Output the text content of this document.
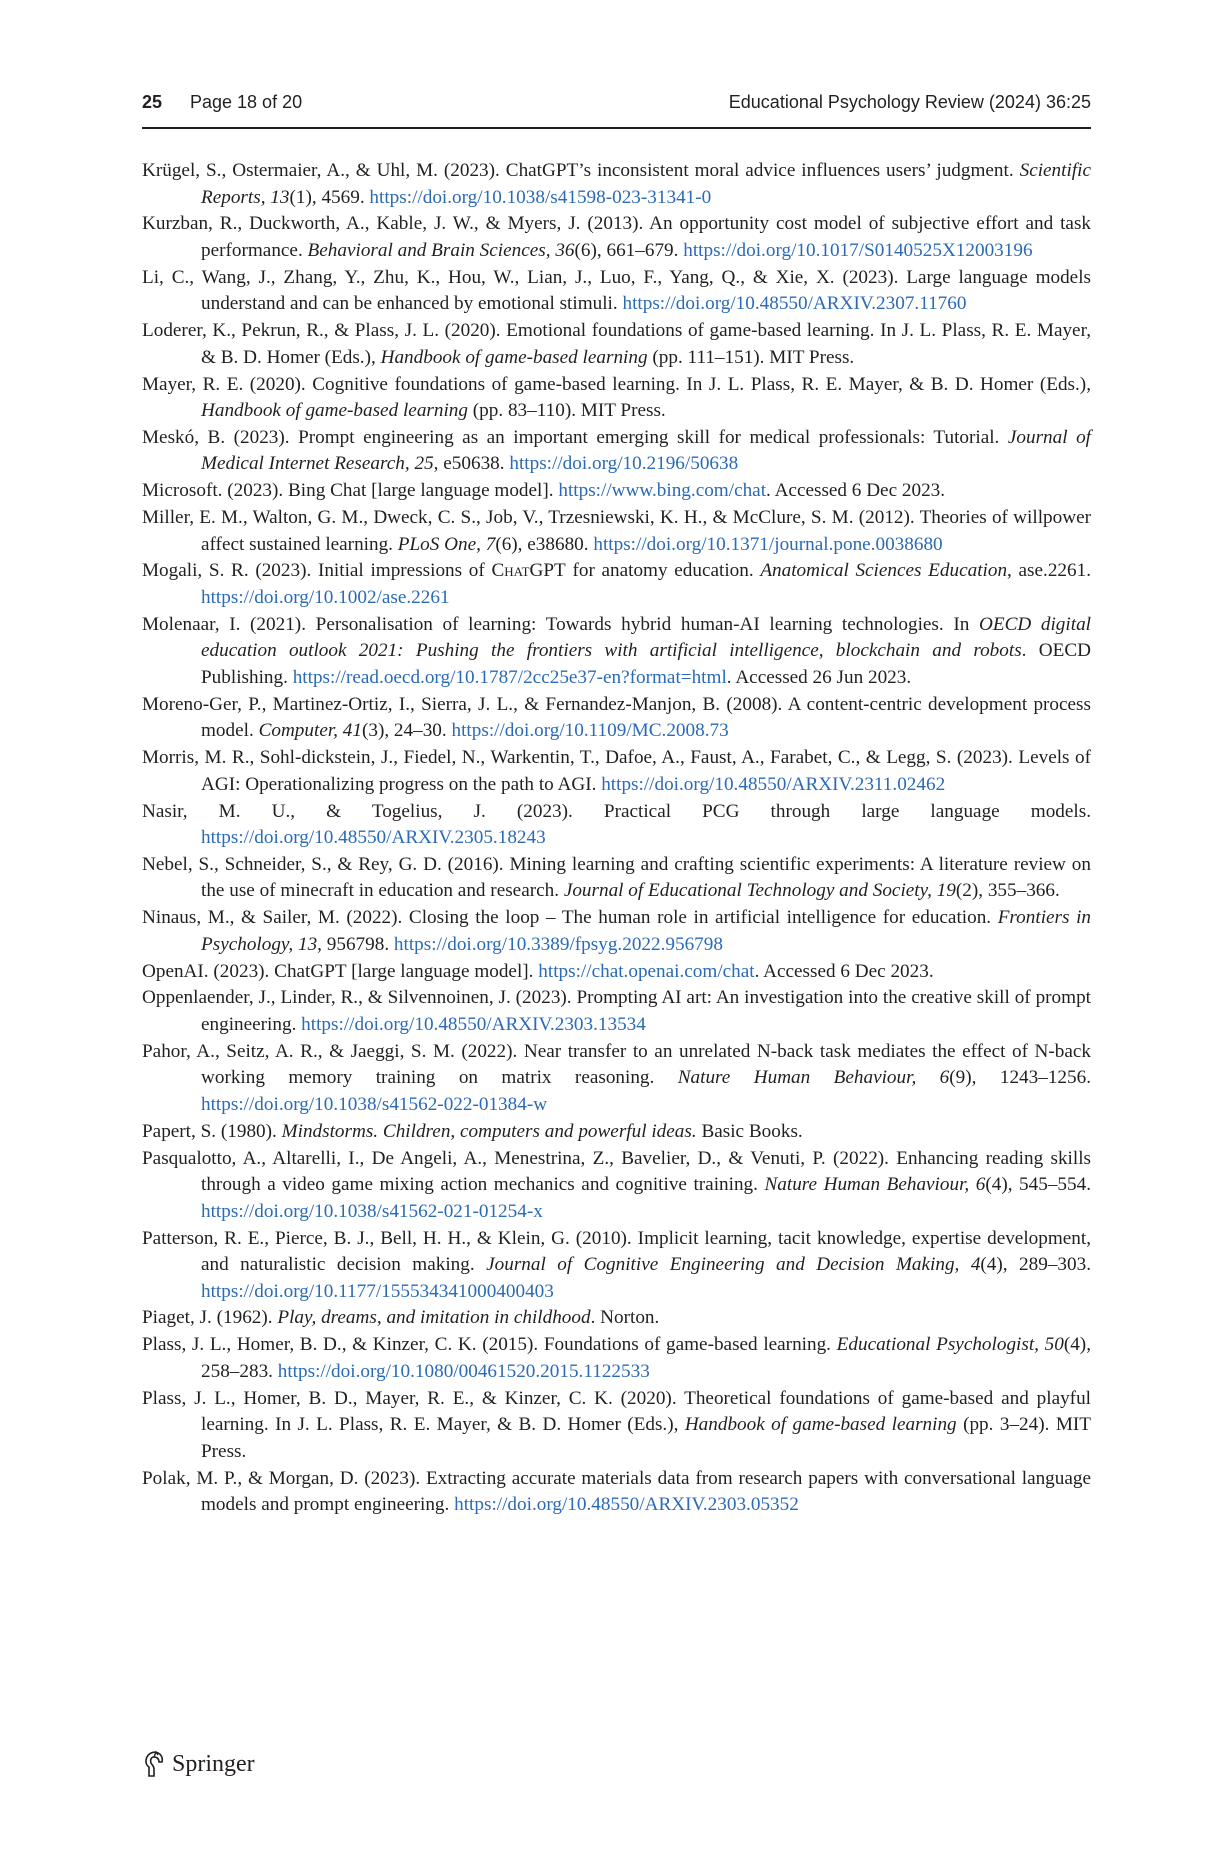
25 Page 18 of 20	Educational Psychology Review (2024) 36:25
Krügel, S., Ostermaier, A., & Uhl, M. (2023). ChatGPT’s inconsistent moral advice influences users’ judgment. Scientific Reports, 13(1), 4569. https://doi.org/10.1038/s41598-023-31341-0
Kurzban, R., Duckworth, A., Kable, J. W., & Myers, J. (2013). An opportunity cost model of subjective effort and task performance. Behavioral and Brain Sciences, 36(6), 661–679. https://doi.org/10.1017/S0140525X12003196
Li, C., Wang, J., Zhang, Y., Zhu, K., Hou, W., Lian, J., Luo, F., Yang, Q., & Xie, X. (2023). Large language models understand and can be enhanced by emotional stimuli. https://doi.org/10.48550/ARXIV.2307.11760
Loderer, K., Pekrun, R., & Plass, J. L. (2020). Emotional foundations of game-based learning. In J. L. Plass, R. E. Mayer, & B. D. Homer (Eds.), Handbook of game-based learning (pp. 111–151). MIT Press.
Mayer, R. E. (2020). Cognitive foundations of game-based learning. In J. L. Plass, R. E. Mayer, & B. D. Homer (Eds.), Handbook of game-based learning (pp. 83–110). MIT Press.
Meskó, B. (2023). Prompt engineering as an important emerging skill for medical professionals: Tutorial. Journal of Medical Internet Research, 25, e50638. https://doi.org/10.2196/50638
Microsoft. (2023). Bing Chat [large language model]. https://www.bing.com/chat. Accessed 6 Dec 2023.
Miller, E. M., Walton, G. M., Dweck, C. S., Job, V., Trzesniewski, K. H., & McClure, S. M. (2012). Theories of willpower affect sustained learning. PLoS One, 7(6), e38680. https://doi.org/10.1371/journal.pone.0038680
Mogali, S. R. (2023). Initial impressions of ChatGPT for anatomy education. Anatomical Sciences Education, ase.2261. https://doi.org/10.1002/ase.2261
Molenaar, I. (2021). Personalisation of learning: Towards hybrid human-AI learning technologies. In OECD digital education outlook 2021: Pushing the frontiers with artificial intelligence, blockchain and robots. OECD Publishing. https://read.oecd.org/10.1787/2cc25e37-en?format=html. Accessed 26 Jun 2023.
Moreno-Ger, P., Martinez-Ortiz, I., Sierra, J. L., & Fernandez-Manjon, B. (2008). A content-centric development process model. Computer, 41(3), 24–30. https://doi.org/10.1109/MC.2008.73
Morris, M. R., Sohl-dickstein, J., Fiedel, N., Warkentin, T., Dafoe, A., Faust, A., Farabet, C., & Legg, S. (2023). Levels of AGI: Operationalizing progress on the path to AGI. https://doi.org/10.48550/ARXIV.2311.02462
Nasir, M. U., & Togelius, J. (2023). Practical PCG through large language models. https://doi.org/10.48550/ARXIV.2305.18243
Nebel, S., Schneider, S., & Rey, G. D. (2016). Mining learning and crafting scientific experiments: A literature review on the use of minecraft in education and research. Journal of Educational Technology and Society, 19(2), 355–366.
Ninaus, M., & Sailer, M. (2022). Closing the loop – The human role in artificial intelligence for education. Frontiers in Psychology, 13, 956798. https://doi.org/10.3389/fpsyg.2022.956798
OpenAI. (2023). ChatGPT [large language model]. https://chat.openai.com/chat. Accessed 6 Dec 2023.
Oppenlaender, J., Linder, R., & Silvennoinen, J. (2023). Prompting AI art: An investigation into the creative skill of prompt engineering. https://doi.org/10.48550/ARXIV.2303.13534
Pahor, A., Seitz, A. R., & Jaeggi, S. M. (2022). Near transfer to an unrelated N-back task mediates the effect of N-back working memory training on matrix reasoning. Nature Human Behaviour, 6(9), 1243–1256. https://doi.org/10.1038/s41562-022-01384-w
Papert, S. (1980). Mindstorms. Children, computers and powerful ideas. Basic Books.
Pasqualotto, A., Altarelli, I., De Angeli, A., Menestrina, Z., Bavelier, D., & Venuti, P. (2022). Enhancing reading skills through a video game mixing action mechanics and cognitive training. Nature Human Behaviour, 6(4), 545–554. https://doi.org/10.1038/s41562-021-01254-x
Patterson, R. E., Pierce, B. J., Bell, H. H., & Klein, G. (2010). Implicit learning, tacit knowledge, expertise development, and naturalistic decision making. Journal of Cognitive Engineering and Decision Making, 4(4), 289–303. https://doi.org/10.1177/155534341000400403
Piaget, J. (1962). Play, dreams, and imitation in childhood. Norton.
Plass, J. L., Homer, B. D., & Kinzer, C. K. (2015). Foundations of game-based learning. Educational Psychologist, 50(4), 258–283. https://doi.org/10.1080/00461520.2015.1122533
Plass, J. L., Homer, B. D., Mayer, R. E., & Kinzer, C. K. (2020). Theoretical foundations of game-based and playful learning. In J. L. Plass, R. E. Mayer, & B. D. Homer (Eds.), Handbook of game-based learning (pp. 3–24). MIT Press.
Polak, M. P., & Morgan, D. (2023). Extracting accurate materials data from research papers with conversational language models and prompt engineering. https://doi.org/10.48550/ARXIV.2303.05352
Springer
